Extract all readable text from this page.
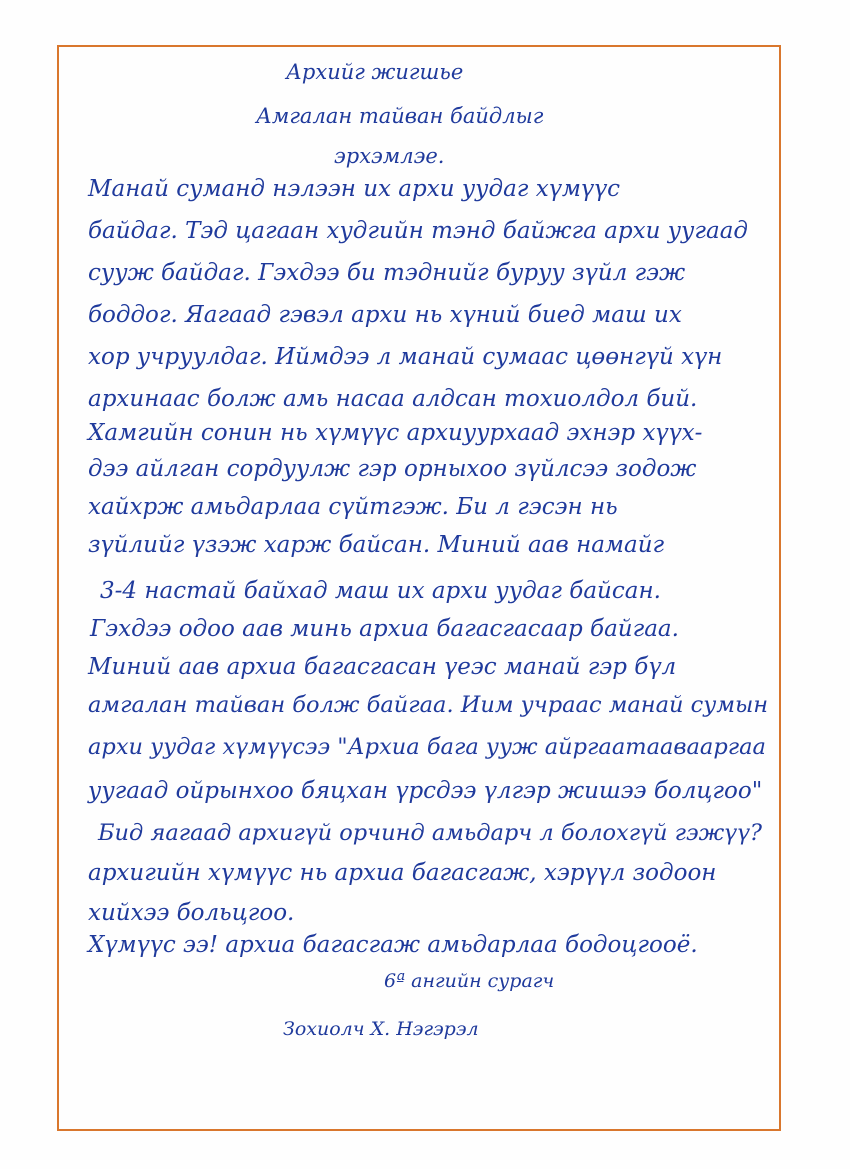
Архийг жигшье

Амгалан тайван байдлыг

эрхэмлэе.

Манай суманд нэлээн их архи уудаг хүмүүс

байдаг. Тэд цагаан худгийн тэнд байжга архи уугаад

сууж байдаг. Гэхдээ би тэднийг буруу зүйл гэж

боддог. Яагаад гэвэл архи нь хүний биед маш их

хор учруулдаг. Иймдээ л манай сумаас цөөнгүй хүн

архинаас болж амь насаа алдсан тохиолдол бий.

Хамгийн сонин нь хүмүүс архиуурхаад эхнэр хүүх-

дээ айлган сордуулж гэр орныхоо зүйлсээ зодож

хайхрж амьдарлаа сүйтгэж. Би л гэсэн нь

зүйлийг үзэж харж байсан. Миний аав намайг

3-4 настай байхад маш их архи уудаг байсан.

Гэхдээ одоо аав минь архиа багасгасаар байгаа.

Миний аав архиа багасгасан үеэс манай гэр бүл

амгалан тайван болж байгаа. Иим учраас манай сумын

архи уудаг хүмүүсээ "Архиа бага ууж айргаатаавааргаа

уугаад ойрынхоо бяцхан үрсдээ үлгэр жишээ болцгоо"

Бид яагаад архигүй орчинд амьдарч л болохгүй гэжүү?

архигийн хүмүүс нь архиа багасгаж, хэрүүл зодоон

хийхээ больцгоо.

Хүмүүс ээ! архиа багасгаж амьдарлаа бодоцгооё.

6ª ангийн сурагч

Зохиолч Х. Нэгэрэл
